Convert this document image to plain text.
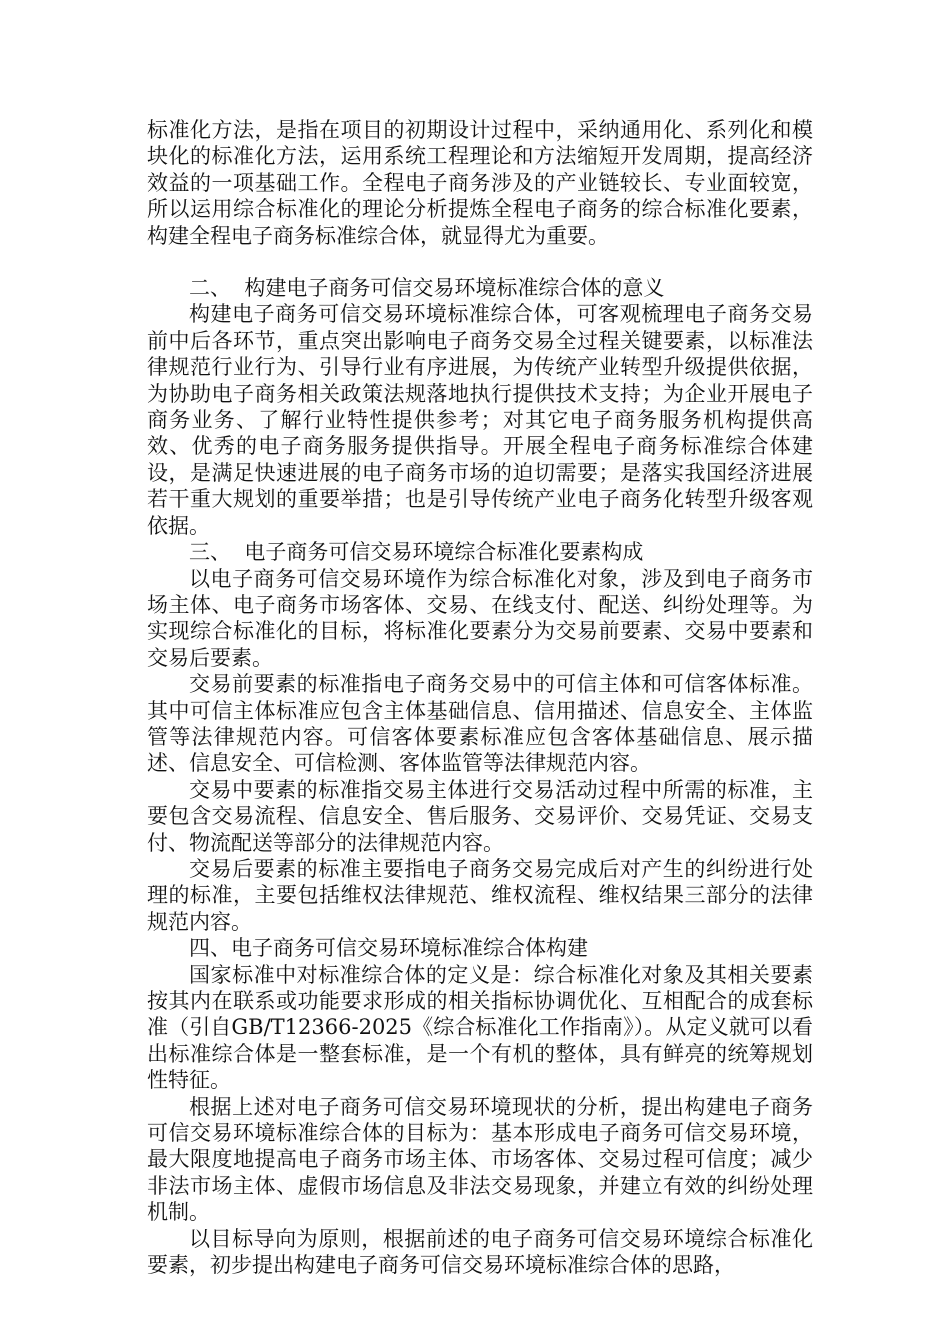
标准化方法，是指在项目的初期设计过程中，采纳通用化、系列化和模块化的标准化方法，运用系统工程理论和方法缩短开发周期，提高经济效益的一项基础工作。全程电子商务涉及的产业链较长、专业面较宽，所以运用综合标准化的理论分析提炼全程电子商务的综合标准化要素，构建全程电子商务标准综合体，就显得尤为重要。

二、  构建电子商务可信交易环境标准综合体的意义

构建电子商务可信交易环境标准综合体，可客观梳理电子商务交易前中后各环节，重点突出影响电子商务交易全过程关键要素，以标准法律规范行业行为、引导行业有序进展，为传统产业转型升级提供依据，为协助电子商务相关政策法规落地执行提供技术支持；为企业开展电子商务业务、了解行业特性提供参考；对其它电子商务服务机构提供高效、优秀的电子商务服务提供指导。开展全程电子商务标准综合体建设，是满足快速进展的电子商务市场的迫切需要；是落实我国经济进展若干重大规划的重要举措；也是引导传统产业电子商务化转型升级客观依据。

三、  电子商务可信交易环境综合标准化要素构成

以电子商务可信交易环境作为综合标准化对象，涉及到电子商务市场主体、电子商务市场客体、交易、在线支付、配送、纠纷处理等。为实现综合标准化的目标，将标准化要素分为交易前要素、交易中要素和交易后要素。

交易前要素的标准指电子商务交易中的可信主体和可信客体标准。其中可信主体标准应包含主体基础信息、信用描述、信息安全、主体监管等法律规范内容。可信客体要素标准应包含客体基础信息、展示描述、信息安全、可信检测、客体监管等法律规范内容。

交易中要素的标准指交易主体进行交易活动过程中所需的标准，主要包含交易流程、信息安全、售后服务、交易评价、交易凭证、交易支付、物流配送等部分的法律规范内容。

交易后要素的标准主要指电子商务交易完成后对产生的纠纷进行处理的标准，主要包括维权法律规范、维权流程、维权结果三部分的法律规范内容。

四、电子商务可信交易环境标准综合体构建

国家标准中对标准综合体的定义是：综合标准化对象及其相关要素按其内在联系或功能要求形成的相关指标协调优化、互相配合的成套标准（引自GB/T12366-2025《综合标准化工作指南》）。从定义就可以看出标准综合体是一整套标准，是一个有机的整体，具有鲜亮的统筹规划性特征。

根据上述对电子商务可信交易环境现状的分析，提出构建电子商务可信交易环境标准综合体的目标为：基本形成电子商务可信交易环境，最大限度地提高电子商务市场主体、市场客体、交易过程可信度；减少非法市场主体、虚假市场信息及非法交易现象，并建立有效的纠纷处理机制。

以目标导向为原则，根据前述的电子商务可信交易环境综合标准化要素，初步提出构建电子商务可信交易环境标准综合体的思路，
